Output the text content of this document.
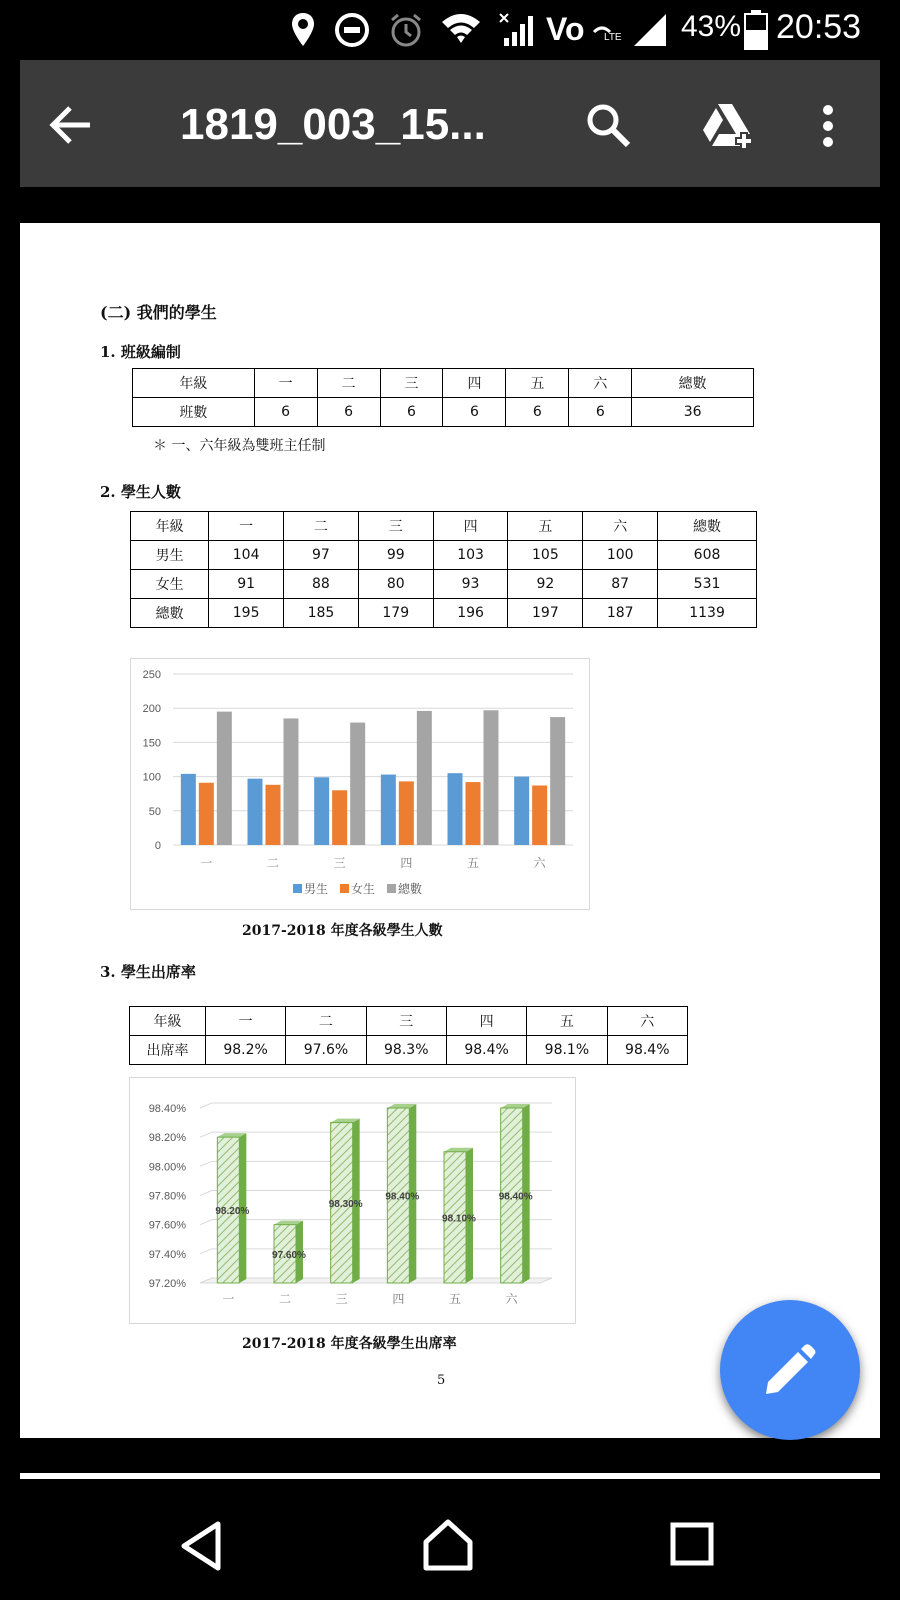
Vo LTE 43% 20:53
1819_003_15...
(二) 我們的學生
1. 班級編制
年級	一	二	三	四	五	六	總數
班數	6	6	6	6	6	6	36
＊ 一、六年級為雙班主任制
2. 學生人數
年級	一	二	三	四	五	六	總數
男生	104	97	99	103	105	100	608
女生	91	88	80	93	92	87	531
總數	195	185	179	196	197	187	1139
0
50
100
150
200
250
一	二	三	四	五	六
男生 女生 總數
2017-2018 年度各級學生人數
3. 學生出席率
年級	一	二	三	四	五	六
出席率	98.2%	97.6%	98.3%	98.4%	98.1%	98.4%
97.20%
97.40%
97.60%
97.80%
98.00%
98.20%
98.40%
98.20%
一
97.60%
二
98.30%
三
98.40%
四
98.10%
五
98.40%
六
2017-2018 年度各級學生出席率
5
